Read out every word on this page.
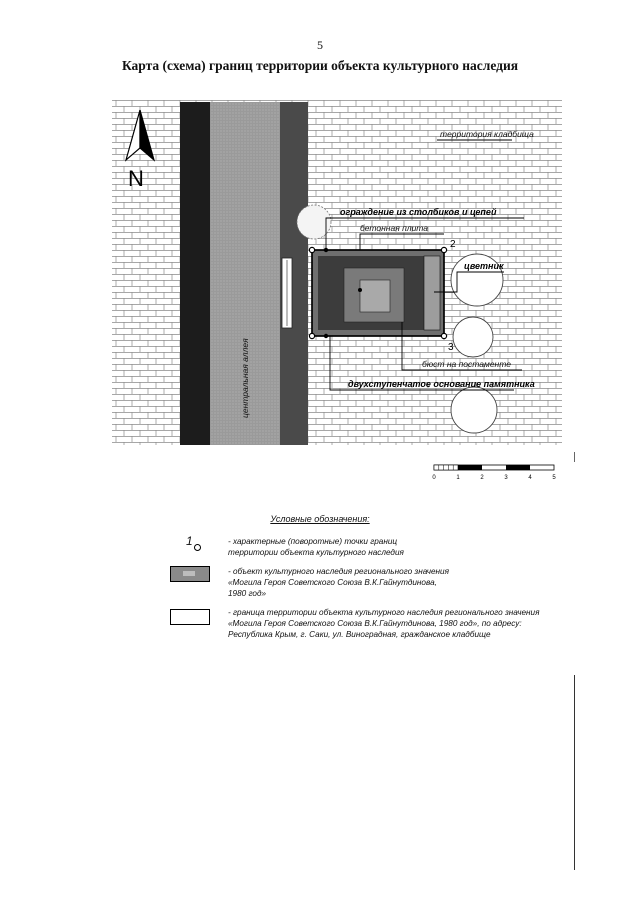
5
Карта (схема) границ территории объекта культурного наследия
N
территория кладбища
ограждение из столбиков и цепей
бетонная плита
цветник
бюст на постаменте
двухступенчатое основание памятника
центральная аллея
2
3
0	1	2	3	4	5
Условные обозначения:
1	- характерные (поворотные) точки границ
территории объекта культурного наследия
- объект культурного наследия регионального значения
«Могила Героя Советского Союза В.К.Гайнутдинова,
1980 год»
- граница территории объекта культурного наследия регионального значения
«Могила Героя Советского Союза В.К.Гайнутдинова, 1980 год», по адресу:
Республика Крым, г. Саки, ул. Виноградная, гражданское кладбище
